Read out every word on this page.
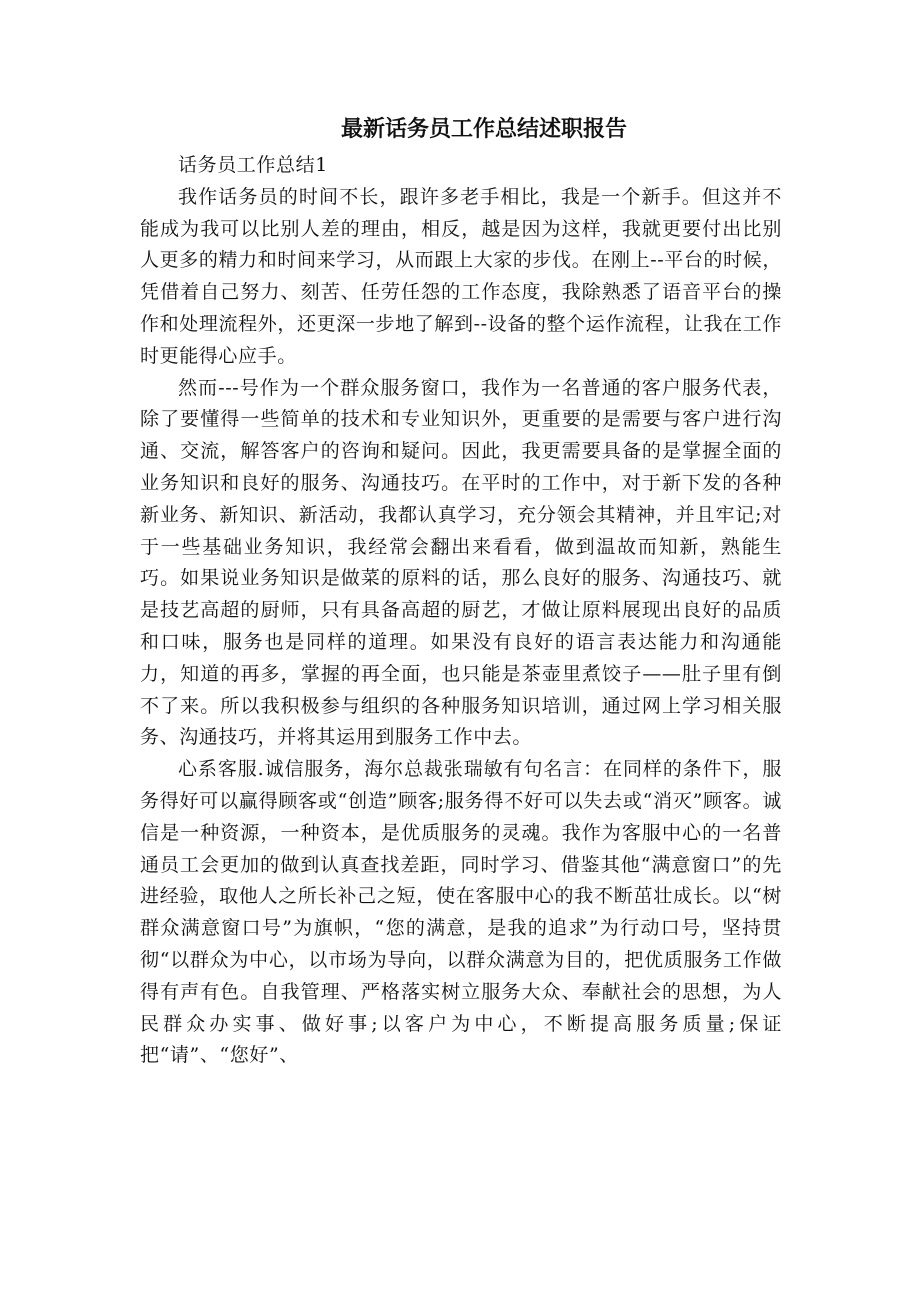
最新话务员工作总结述职报告

话务员工作总结1

我作话务员的时间不长，跟许多老手相比，我是一个新手。但这并不能成为我可以比别人差的理由，相反，越是因为这样，我就更要付出比别人更多的精力和时间来学习，从而跟上大家的步伐。在刚上--平台的时候，凭借着自己努力、刻苦、任劳任怨的工作态度，我除熟悉了语音平台的操作和处理流程外，还更深一步地了解到--设备的整个运作流程，让我在工作时更能得心应手。

然而---号作为一个群众服务窗口，我作为一名普通的客户服务代表，除了要懂得一些简单的技术和专业知识外，更重要的是需要与客户进行沟通、交流，解答客户的咨询和疑问。因此，我更需要具备的是掌握全面的业务知识和良好的服务、沟通技巧。在平时的工作中，对于新下发的各种新业务、新知识、新活动，我都认真学习，充分领会其精神，并且牢记;对于一些基础业务知识，我经常会翻出来看看，做到温故而知新，熟能生巧。如果说业务知识是做菜的原料的话，那么良好的服务、沟通技巧、就是技艺高超的厨师，只有具备高超的厨艺，才做让原料展现出良好的品质和口味，服务也是同样的道理。如果没有良好的语言表达能力和沟通能力，知道的再多，掌握的再全面，也只能是茶壶里煮饺子——肚子里有倒不了来。所以我积极参与组织的各种服务知识培训，通过网上学习相关服务、沟通技巧，并将其运用到服务工作中去。

心系客服.诚信服务，海尔总裁张瑞敏有句名言：在同样的条件下，服务得好可以赢得顾客或“创造”顾客;服务得不好可以失去或“消灭”顾客。诚信是一种资源，一种资本，是优质服务的灵魂。我作为客服中心的一名普通员工会更加的做到认真查找差距，同时学习、借鉴其他“满意窗口”的先进经验，取他人之所长补己之短，使在客服中心的我不断茁壮成长。以“树群众满意窗口号”为旗帜，“您的满意，是我的追求”为行动口号，坚持贯彻“以群众为中心，以市场为导向，以群众满意为目的，把优质服务工作做得有声有色。自我管理、严格落实树立服务大众、奉献社会的思想，为人民群众办实事、做好事;以客户为中心，不断提高服务质量;保证把“请”、“您好”、
